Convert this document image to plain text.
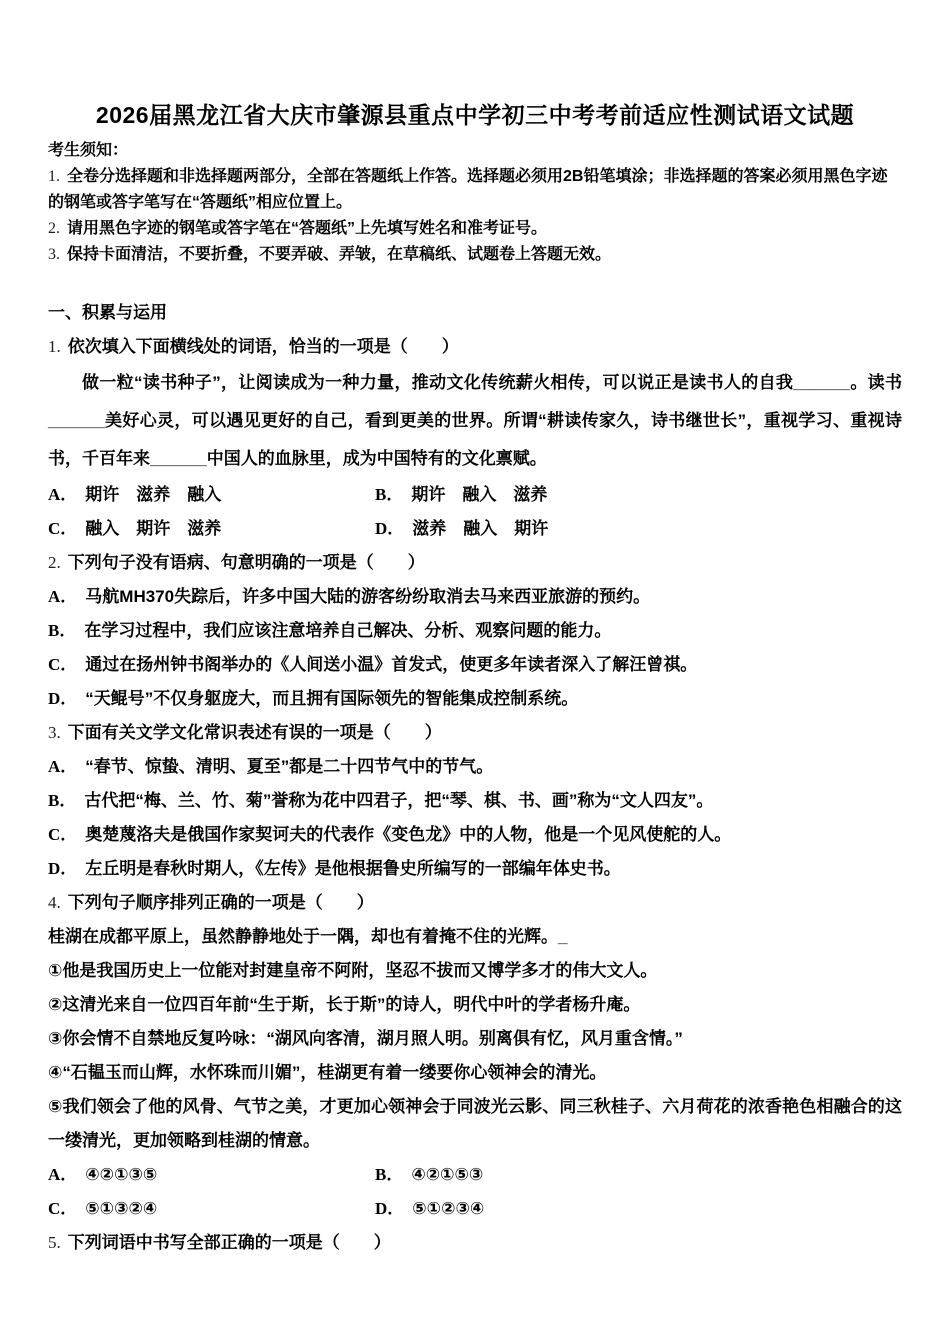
2026届黑龙江省大庆市肇源县重点中学初三中考考前适应性测试语文试题

考生须知：

1. 全卷分选择题和非选择题两部分，全部在答题纸上作答。选择题必须用2B铅笔填涂；非选择题的答案必须用黑色字迹的钢笔或答字笔写在“答题纸”相应位置上。

2. 请用黑色字迹的钢笔或答字笔在“答题纸”上先填写姓名和准考证号。

3. 保持卡面清洁，不要折叠，不要弄破、弄皱，在草稿纸、试题卷上答题无效。

一、积累与运用

1. 依次填入下面横线处的词语，恰当的一项是（　　）

做一粒“读书种子”，让阅读成为一种力量，推动文化传统薪火相传，可以说正是读书人的自我______。读书______美好心灵，可以遇见更好的自己，看到更美的世界。所谓“耕读传家久，诗书继世长”，重视学习、重视诗书，千百年来______中国人的血脉里，成为中国特有的文化禀赋。

A． 期许　滋养　融入	B． 期许　融入　滋养

C． 融入　期许　滋养	D． 滋养　融入　期许

2. 下列句子没有语病、句意明确的一项是（　　）

A． 马航MH370失踪后，许多中国大陆的游客纷纷取消去马来西亚旅游的预约。

B． 在学习过程中，我们应该注意培养自己解决、分析、观察问题的能力。

C． 通过在扬州钟书阁举办的《人间送小温》首发式，使更多年读者深入了解汪曾祺。

D． “天鲲号”不仅身躯庞大，而且拥有国际领先的智能集成控制系统。

3. 下面有关文学文化常识表述有误的一项是（　　）

A． “春节、惊蛰、清明、夏至”都是二十四节气中的节气。

B． 古代把“梅、兰、竹、菊”誉称为花中四君子，把“琴、棋、书、画”称为“文人四友”。

C． 奥楚蔑洛夫是俄国作家契诃夫的代表作《变色龙》中的人物，他是一个见风使舵的人。

D． 左丘明是春秋时期人，《左传》是他根据鲁史所编写的一部编年体史书。

4. 下列句子顺序排列正确的一项是（　　）

桂湖在成都平原上，虽然静静地处于一隅，却也有着掩不住的光辉。_

①他是我国历史上一位能对封建皇帝不阿附，坚忍不拔而又博学多才的伟大文人。

②这清光来自一位四百年前“生于斯，长于斯”的诗人，明代中叶的学者杨升庵。

③你会情不自禁地反复吟咏：“湖风向客清，湖月照人明。别离俱有忆，风月重含情。”

④“石韫玉而山辉，水怀珠而川媚”，桂湖更有着一缕要你心领神会的清光。

⑤我们领会了他的风骨、气节之美，才更加心领神会于同波光云影、同三秋桂子、六月荷花的浓香艳色相融合的这一缕清光，更加领略到桂湖的情意。

A． ④②①③⑤	B． ④②①⑤③

C． ⑤①③②④	D． ⑤①②③④

5. 下列词语中书写全部正确的一项是（　　）
